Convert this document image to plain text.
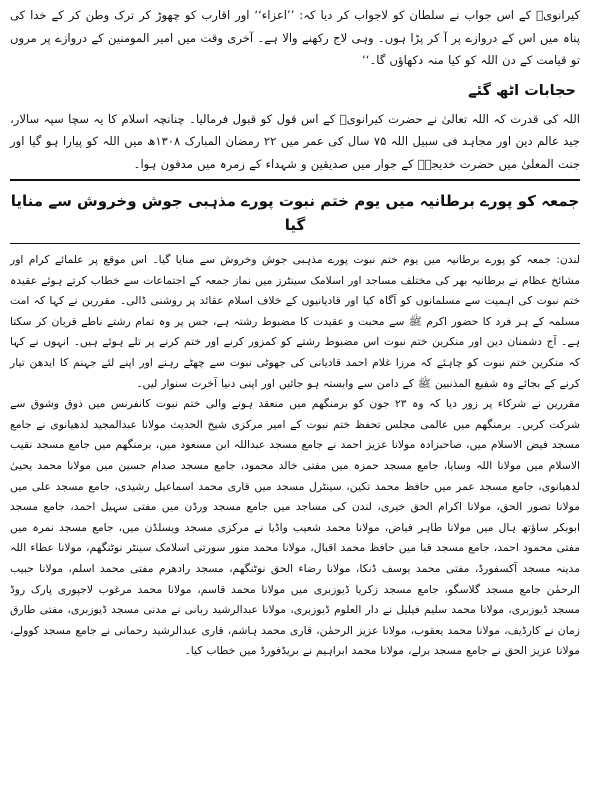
کیرانویؒ کے اس جواب نے سلطان کو لاجواب کر دیا کہ: ’’اعزاء‘‘ اور اقارب کو چھوڑ کر ترک وطن کر کے خدا کی پناہ میں اس کے دروازے پر آ کر پڑا ہوں۔ وہی لاج رکھنے والا ہے۔ آخری وقت میں امیر المومنین کے دروازے پر مروں تو قیامت کے دن اللہ کو کیا منہ دکھاؤں گا۔‘‘

حجابات اٹھ گئے

اللہ کی قدرت کہ اللہ تعالیٰ نے حضرت کیرانویؒ کے اس قول کو قبول فرمالیا۔ چنانچہ اسلام کا یہ سچا سپہ سالار، جید عالم دین اور مجاہد فی سبیل اللہ ۷۵ سال کی عمر میں ۲۲ رمضان المبارک ۱۳۰۸ھ میں اللہ کو پیارا ہو گیا اور جنت المعلیٰ میں حضرت خدیجہؓ کے جوار میں صدیقین و شہداء کے زمرہ میں مدفون ہوا۔

جمعہ کو پورے برطانیہ میں یوم ختم نبوت پورے مذہبی جوش وخروش سے منایا گیا

لندن: جمعہ کو پورے برطانیہ میں یوم ختم نبوت پورے مذہبی جوش وخروش سے منایا گیا۔ اس موقع پر علمائے کرام اور مشائخ عظام نے برطانیہ بھر کی مختلف مساجد اور اسلامک سینٹرز میں نماز جمعہ کے اجتماعات سے خطاب کرتے ہوئے عقیدہ ختم نبوت کی اہمیت سے مسلمانوں کو آگاہ کیا اور قادیانیوں کے خلاف اسلام عقائد پر روشنی ڈالی۔ مقررین نے کہا کہ امت مسلمہ کے ہر فرد کا حضور اکرم ﷺ سے محبت و عقیدت کا مضبوط رشتہ ہے، جس پر وہ تمام رشتے ناطے قربان کر سکتا ہے۔ آج دشمنان دین اور منکرین ختم نبوت اس مضبوط رشتے کو کمزور کرنے اور ختم کرنے پر تلے ہوئے ہیں۔ انہوں نے کہا کہ منکرین ختم نبوت کو چاہئے کہ مرزا غلام احمد قادیانی کی جھوٹی نبوت سے چھٹے رہنے اور اپنے لئے جہنم کا ایدھن تیار کرنے کے بجائے وہ شفیع المذنبین ﷺ کے دامن سے وابستہ ہو جائیں اور اپنی دنیا آخرت سنوار لیں۔

مقررین نے شرکاء پر زور دیا کہ وہ ۲۳ جون کو برمنگھم میں منعقد ہونے والی ختم نبوت کانفرنس میں ذوق وشوق سے شرکت کریں۔ برمنگھم میں عالمی مجلس تحفظ ختم نبوت کے امیر مرکزی شیخ الحدیث مولانا عبدالمجید لدھیانوی نے جامع مسجد فیض الاسلام میں، صاحبزادہ مولانا عزیز احمد نے جامع مسجد عبداللہ ابن مسعود میں، برمنگھم میں جامع مسجد نقیب الاسلام میں مولانا اللہ وسایا، جامع مسجد حمزہ میں مفتی خالد محمود، جامع مسجد صدام حسین میں مولانا محمد یحییٰ لدھیانوی، جامع مسجد عمر میں حافظ محمد تکین، سینٹرل مسجد میں قاری محمد اسماعیل رشیدی، جامع مسجد علی میں مولانا تصور الحق، مولانا اکرام الحق خیری، لندن کی مساجد میں جامع مسجد ورڈن میں مفتی سہیل احمد، جامع مسجد ابوبکر ساؤتھ ہال میں مولانا طاہر فیاض، مولانا محمد شعیب واڈیا نے مرکزی مسجد ویسلڈن میں، جامع مسجد نمرہ میں مفتی محمود احمد، جامع مسجد قبا میں حافظ محمد اقبال، مولانا محمد منور سورتی اسلامک سینٹر نوٹنگھم، مولانا عطاء اللہ مدینہ مسجد آکسفورڈ، مفتی محمد یوسف ڈنکا، مولانا رضاء الحق نوٹنگھم، مسجد رادھرم مفتی محمد اسلم، مولانا حبیب الرحمٰن جامع مسجد گلاسگو، جامع مسجد زکریا ڈیوزبری میں مولانا محمد قاسم، مولانا محمد مرغوب لاجپوری پارک روڈ مسجد ڈیوزبری، مولانا محمد سلیم فیلیل نے دار العلوم ڈیوزبری، مولانا عبدالرشید ربانی نے مدنی مسجد ڈیوزبری، مفتی طارق زمان نے کارڈیف، مولانا محمد یعقوب، مولانا عزیز الرحمٰن، قاری محمد ہاشم، قاری عبدالرشید رحمانی نے جامع مسجد کوولے، مولانا عزیز الحق نے جامع مسجد برلے، مولانا محمد ابراہیم نے بریڈفورڈ میں خطاب کیا۔
